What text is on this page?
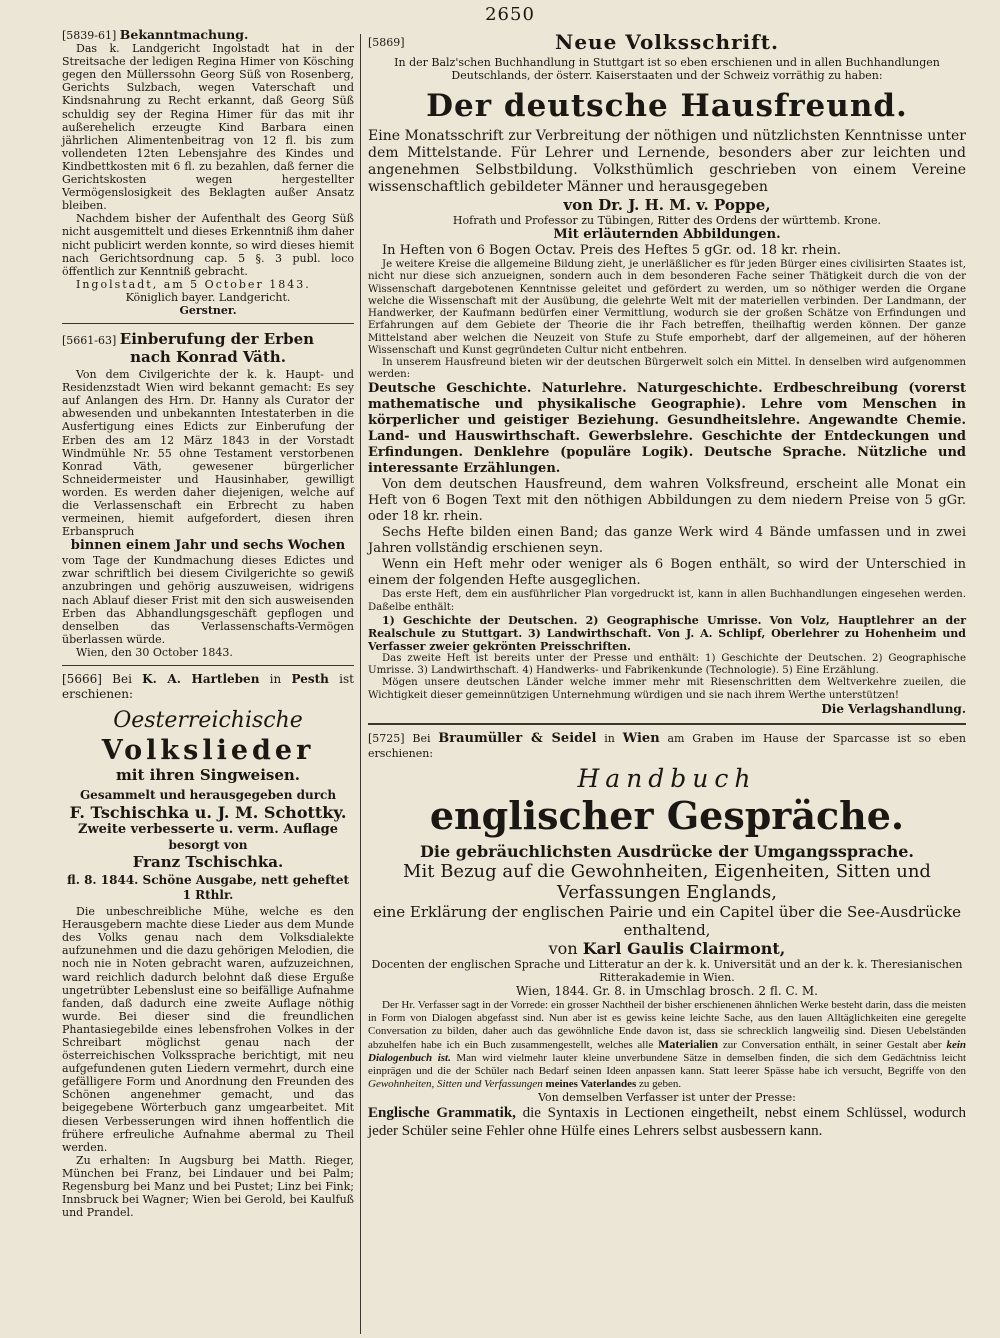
2650
[5839-61] Bekanntmachung.

Das k. Landgericht Ingolstadt hat in der Streitsache der ledigen Regina Himer von Kösching gegen den Müllerssohn Georg Süß von Rosenberg, Gerichts Sulzbach, wegen Vaterschaft und Kindsnahrung zu Recht erkannt, daß Georg Süß schuldig sey der Regina Himer für das mit ihr außerehelich erzeugte Kind Barbara einen jährlichen Alimentenbeitrag von 12 fl. bis zum vollendeten 12ten Lebensjahre des Kindes und Kindbettkosten mit 6 fl. zu bezahlen, daß ferner die Gerichtskosten wegen hergestellter Vermögenslosigkeit des Beklagten außer Ansatz bleiben.

Nachdem bisher der Aufenthalt des Georg Süß nicht ausgemittelt und dieses Erkenntniß ihm daher nicht publicirt werden konnte, so wird dieses hiemit nach Gerichtsordnung cap. 5 §. 3 publ. loco öffentlich zur Kenntniß gebracht.

Ingolstadt, am 5 October 1843.

Königlich bayer. Landgericht.

Gerstner.

[5661-63] Einberufung der Erben
nach Konrad Väth.

Von dem Civilgerichte der k. k. Haupt- und Residenzstadt Wien wird bekannt gemacht: Es sey auf Anlangen des Hrn. Dr. Hanny als Curator der abwesenden und unbekannten Intestaterben in die Ausfertigung eines Edicts zur Einberufung der Erben des am 12 März 1843 in der Vorstadt Windmühle Nr. 55 ohne Testament verstorbenen Konrad Väth, gewesener bürgerlicher Schneidermeister und Hausinhaber, gewilligt worden. Es werden daher diejenigen, welche auf die Verlassenschaft ein Erbrecht zu haben vermeinen, hiemit aufgefordert, diesen ihren Erbanspruch

binnen einem Jahr und sechs Wochen

vom Tage der Kundmachung dieses Edictes und zwar schriftlich bei diesem Civilgerichte so gewiß anzubringen und gehörig auszuweisen, widrigens nach Ablauf dieser Frist mit den sich ausweisenden Erben das Abhandlungsgeschäft gepflogen und denselben das Verlassenschafts-Vermögen überlassen würde.

Wien, den 30 October 1843.

[5666] Bei K. A. Hartleben in Pesth ist erschienen:
Oesterreichische
Volkslieder
mit ihren Singweisen.
Gesammelt und herausgegeben durch
F. Tschischka u. J. M. Schottky.
Zweite verbesserte u. verm. Auflage
besorgt von
Franz Tschischka.
fl. 8. 1844. Schöne Ausgabe, nett geheftet 1 Rthlr.

Die unbeschreibliche Mühe, welche es den Herausgebern machte diese Lieder aus dem Munde des Volks genau nach dem Volksdialekte aufzunehmen und die dazu gehörigen Melodien, die noch nie in Noten gebracht waren, aufzuzeichnen, ward reichlich dadurch belohnt daß diese Erguße ungetrübter Lebenslust eine so beifällige Aufnahme fanden, daß dadurch eine zweite Auflage nöthig wurde. Bei dieser sind die freundlichen Phantasiegebilde eines lebensfrohen Volkes in der Schreibart möglichst genau nach der österreichischen Volkssprache berichtigt, mit neu aufgefundenen guten Liedern vermehrt, durch eine gefälligere Form und Anordnung den Freunden des Schönen angenehmer gemacht, und das beigegebene Wörterbuch ganz umgearbeitet. Mit diesen Verbesserungen wird ihnen hoffentlich die frühere erfreuliche Aufnahme abermal zu Theil werden.

Zu erhalten: In Augsburg bei Matth. Rieger, München bei Franz, bei Lindauer und bei Palm; Regensburg bei Manz und bei Pustet; Linz bei Fink; Innsbruck bei Wagner; Wien bei Gerold, bei Kaulfuß und Prandel.

[5869]	Neue Volksschrift.

In der Balz'schen Buchhandlung in Stuttgart ist so eben erschienen und in allen Buchhandlungen Deutschlands, der österr. Kaiserstaaten und der Schweiz vorräthig zu haben:

Der deutsche Hausfreund.

Eine Monatsschrift zur Verbreitung der nöthigen und nützlichsten Kenntnisse unter dem Mittelstande. Für Lehrer und Lernende, besonders aber zur leichten und angenehmen Selbstbildung. Volksthümlich geschrieben von einem Vereine wissenschaftlich gebildeter Männer und herausgegeben

von Dr. J. H. M. v. Poppe,
Hofrath und Professor zu Tübingen, Ritter des Ordens der württemb. Krone.
Mit erläuternden Abbildungen.
In Heften von 6 Bogen Octav. Preis des Heftes 5 gGr. od. 18 kr. rhein.

Je weitere Kreise die allgemeine Bildung zieht, je unerläßlicher es für jeden Bürger eines civilisirten Staates ist, nicht nur diese sich anzueignen, sondern auch in dem besonderen Fache seiner Thätigkeit durch die von der Wissenschaft dargebotenen Kenntnisse geleitet und gefördert zu werden, um so nöthiger werden die Organe welche die Wissenschaft mit der Ausübung, die gelehrte Welt mit der materiellen verbinden. Der Landmann, der Handwerker, der Kaufmann bedürfen einer Vermittlung, wodurch sie der großen Schätze von Erfindungen und Erfahrungen auf dem Gebiete der Theorie die ihr Fach betreffen, theilhaftig werden können. Der ganze Mittelstand aber welchen die Neuzeit von Stufe zu Stufe emporhebt, darf der allgemeinen, auf der höheren Wissenschaft und Kunst gegründeten Cultur nicht entbehren.

In unserem Hausfreund bieten wir der deutschen Bürgerwelt solch ein Mittel. In denselben wird aufgenommen werden:

Deutsche Geschichte. Naturlehre. Naturgeschichte. Erdbeschreibung (vorerst mathematische und physikalische Geographie). Lehre vom Menschen in körperlicher und geistiger Beziehung. Gesundheitslehre. Angewandte Chemie. Land- und Hauswirthschaft. Gewerbslehre. Geschichte der Entdeckungen und Erfindungen. Denklehre (populäre Logik). Deutsche Sprache. Nützliche und interessante Erzählungen.

Von dem deutschen Hausfreund, dem wahren Volksfreund, erscheint alle Monat ein Heft von 6 Bogen Text mit den nöthigen Abbildungen zu dem niedern Preise von 5 gGr. oder 18 kr. rhein.

Sechs Hefte bilden einen Band; das ganze Werk wird 4 Bände umfassen und in zwei Jahren vollständig erschienen seyn.

Wenn ein Heft mehr oder weniger als 6 Bogen enthält, so wird der Unterschied in einem der folgenden Hefte ausgeglichen.

Das erste Heft, dem ein ausführlicher Plan vorgedruckt ist, kann in allen Buchhandlungen eingesehen werden. Daßelbe enthält:

1) Geschichte der Deutschen. 2) Geographische Umrisse. Von Volz, Hauptlehrer an der Realschule zu Stuttgart. 3) Landwirthschaft. Von J. A. Schlipf, Oberlehrer zu Hohenheim und Verfasser zweier gekrönten Preisschriften.

Das zweite Heft ist bereits unter der Presse und enthält: 1) Geschichte der Deutschen. 2) Geographische Umrisse. 3) Landwirthschaft. 4) Handwerks- und Fabrikenkunde (Technologie). 5) Eine Erzählung.

Mögen unsere deutschen Länder welche immer mehr mit Riesenschritten dem Weltverkehre zueilen, die Wichtigkeit dieser gemeinnützigen Unternehmung würdigen und sie nach ihrem Werthe unterstützen!

Die Verlagshandlung.

[5725] Bei Braumüller & Seidel in Wien am Graben im Hause der Sparcasse ist so eben erschienen:
Handbuch
englischer Gespräche.
Die gebräuchlichsten Ausdrücke der Umgangssprache.
Mit Bezug auf die Gewohnheiten, Eigenheiten, Sitten und Verfassungen Englands,
eine Erklärung der englischen Pairie und ein Capitel über die See-Ausdrücke enthaltend,
von Karl Gaulis Clairmont,
Docenten der englischen Sprache und Litteratur an der k. k. Universität und an der k. k. Theresianischen Ritterakademie in Wien.
Wien, 1844. Gr. 8. in Umschlag brosch. 2 fl. C. M.

Der Hr. Verfasser sagt in der Vorrede: ein grosser Nachtheil der bisher erschienenen ähnlichen Werke besteht darin, dass die meisten in Form von Dialogen abgefasst sind. Nun aber ist es gewiss keine leichte Sache, aus den lauen Alltäglichkeiten eine geregelte Conversation zu bilden, daher auch das gewöhnliche Ende davon ist, dass sie schrecklich langweilig sind. Diesen Uebelständen abzuhelfen habe ich ein Buch zusammengestellt, welches alle Materialien zur Conversation enthält, in seiner Gestalt aber kein Dialogenbuch ist. Man wird vielmehr lauter kleine unverbundene Sätze in demselben finden, die sich dem Gedächtniss leicht einprägen und die der Schüler nach Bedarf seinen Ideen anpassen kann. Statt leerer Spässe habe ich versucht, Begriffe von den Gewohnheiten, Sitten und Verfassungen meines Vaterlandes zu geben.

Von demselben Verfasser ist unter der Presse:

Englische Grammatik, die Syntaxis in Lectionen eingetheilt, nebst einem Schlüssel, wodurch jeder Schüler seine Fehler ohne Hülfe eines Lehrers selbst ausbessern kann.
